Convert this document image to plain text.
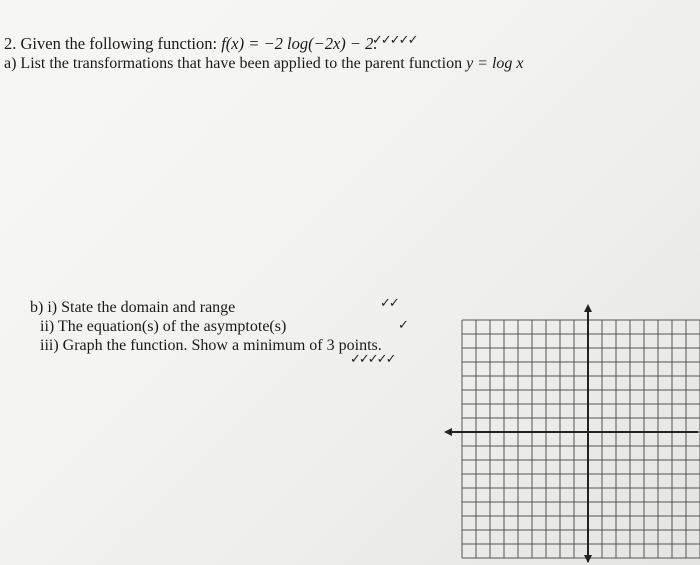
2. Given the following function: f(x) = −2 log(−2x) − 2.
✓✓✓✓✓
a) List the transformations that have been applied to the parent function y = log x
b) i) State the domain and range	✓✓
ii) The equation(s) of the asymptote(s)	✓
iii) Graph the function. Show a minimum of 3 points.
✓✓✓✓✓
